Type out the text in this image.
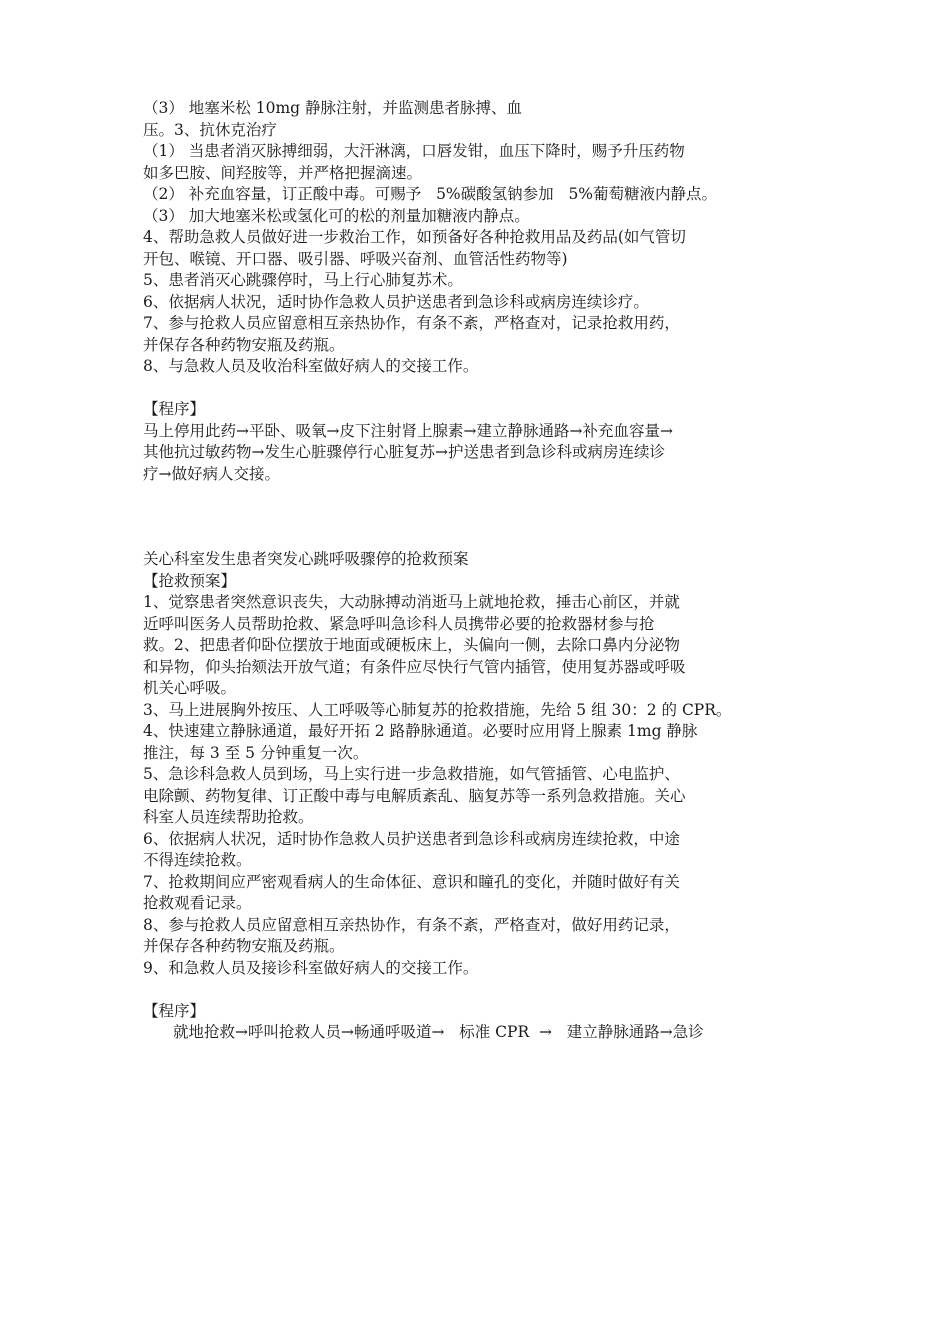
（3） 地塞米松 10mg 静脉注射，并监测患者脉搏、血
压。3、抗休克治疗
（1） 当患者消灭脉搏细弱，大汗淋漓，口唇发钳，血压下降时，赐予升压药物
如多巴胺、间羟胺等，并严格把握滴速。
（2） 补充血容量，订正酸中毒。可赐予   5%碳酸氢钠参加   5%葡萄糖液内静点。
（3） 加大地塞米松或氢化可的松的剂量加糖液内静点。
4、帮助急救人员做好进一步救治工作，如预备好各种抢救用品及药品(如气管切
开包、喉镜、开口器、吸引器、呼吸兴奋剂、血管活性药物等)
5、患者消灭心跳骤停时，马上行心肺复苏术。
6、依据病人状况，适时协作急救人员护送患者到急诊科或病房连续诊疗。
7、参与抢救人员应留意相互亲热协作，有条不紊，严格查对，记录抢救用药，
并保存各种药物安瓶及药瓶。
8、与急救人员及收治科室做好病人的交接工作。
【程序】
马上停用此药→平卧、吸氧→皮下注射肾上腺素→建立静脉通路→补充血容量→
其他抗过敏药物→发生心脏骤停行心脏复苏→护送患者到急诊科或病房连续诊
疗→做好病人交接。
关心科室发生患者突发心跳呼吸骤停的抢救预案
【抢救预案】
1、觉察患者突然意识丧失，大动脉搏动消逝马上就地抢救，捶击心前区，并就
近呼叫医务人员帮助抢救、紧急呼叫急诊科人员携带必要的抢救器材参与抢
救。2、把患者仰卧位摆放于地面或硬板床上，头偏向一侧，去除口鼻内分泌物
和异物，仰头抬颏法开放气道；有条件应尽快行气管内插管，使用复苏器或呼吸
机关心呼吸。
3、马上进展胸外按压、人工呼吸等心肺复苏的抢救措施，先给 5 组 30：2 的 CPR。
4、快速建立静脉通道，最好开拓 2 路静脉通道。必要时应用肾上腺素 1mg 静脉
推注，每 3 至 5 分钟重复一次。
5、急诊科急救人员到场，马上实行进一步急救措施，如气管插管、心电监护、
电除颤、药物复律、订正酸中毒与电解质紊乱、脑复苏等一系列急救措施。关心
科室人员连续帮助抢救。
6、依据病人状况，适时协作急救人员护送患者到急诊科或病房连续抢救，中途
不得连续抢救。
7、抢救期间应严密观看病人的生命体征、意识和瞳孔的变化，并随时做好有关
抢救观看记录。
8、参与抢救人员应留意相互亲热协作，有条不紊，严格查对，做好用药记录，
并保存各种药物安瓶及药瓶。
9、和急救人员及接诊科室做好病人的交接工作。
【程序】
就地抢救→呼叫抢救人员→畅通呼吸道→   标准 CPR  →   建立静脉通路→急诊
